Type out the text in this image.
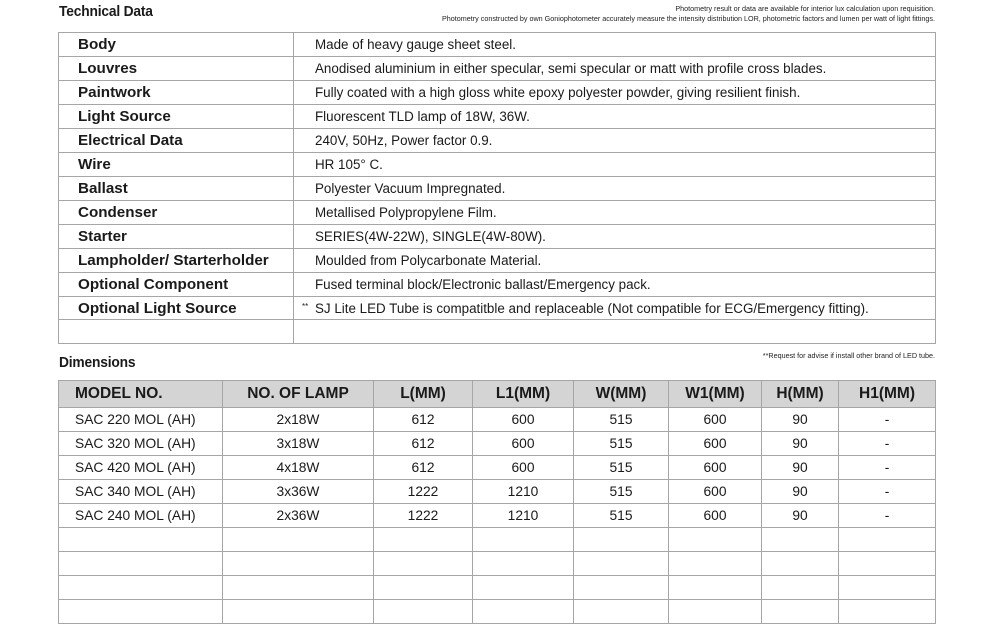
Technical Data	Photometry result or data are available for interior lux calculation upon requisition.
Photometry constructed by own Goniophotometer accurately measure the intensity distribution LOR, photometric factors and lumen per watt of light fittings.
Body	Made of heavy gauge sheet steel.
Louvres	Anodised aluminium in either specular, semi specular or matt with profile cross blades.
Paintwork	Fully coated with a high gloss white epoxy polyester powder, giving resilient finish.
Light Source	Fluorescent TLD lamp of 18W, 36W.
Electrical Data	240V, 50Hz, Power factor 0.9.
Wire	HR 105° C.
Ballast	Polyester Vacuum Impregnated.
Condenser	Metallised Polypropylene Film.
Starter	SERIES(4W-22W), SINGLE(4W-80W).
Lampholder/ Starterholder	Moulded from Polycarbonate Material.
Optional Component	Fused terminal block/Electronic ballast/Emergency pack.
Optional Light Source	** SJ Lite LED Tube is compatitble and replaceable (Not compatible for ECG/Emergency fitting).

Dimensions	**Request for advise if install other brand of LED tube.
MODEL NO.	NO. OF LAMP	L(MM)	L1(MM)	W(MM)	W1(MM)	H(MM)	H1(MM)
SAC 220 MOL (AH)	2x18W	612	600	515	600	90	-
SAC 320 MOL (AH)	3x18W	612	600	515	600	90	-
SAC 420 MOL (AH)	4x18W	612	600	515	600	90	-
SAC 340 MOL (AH)	3x36W	1222	1210	515	600	90	-
SAC 240 MOL (AH)	2x36W	1222	1210	515	600	90	-
